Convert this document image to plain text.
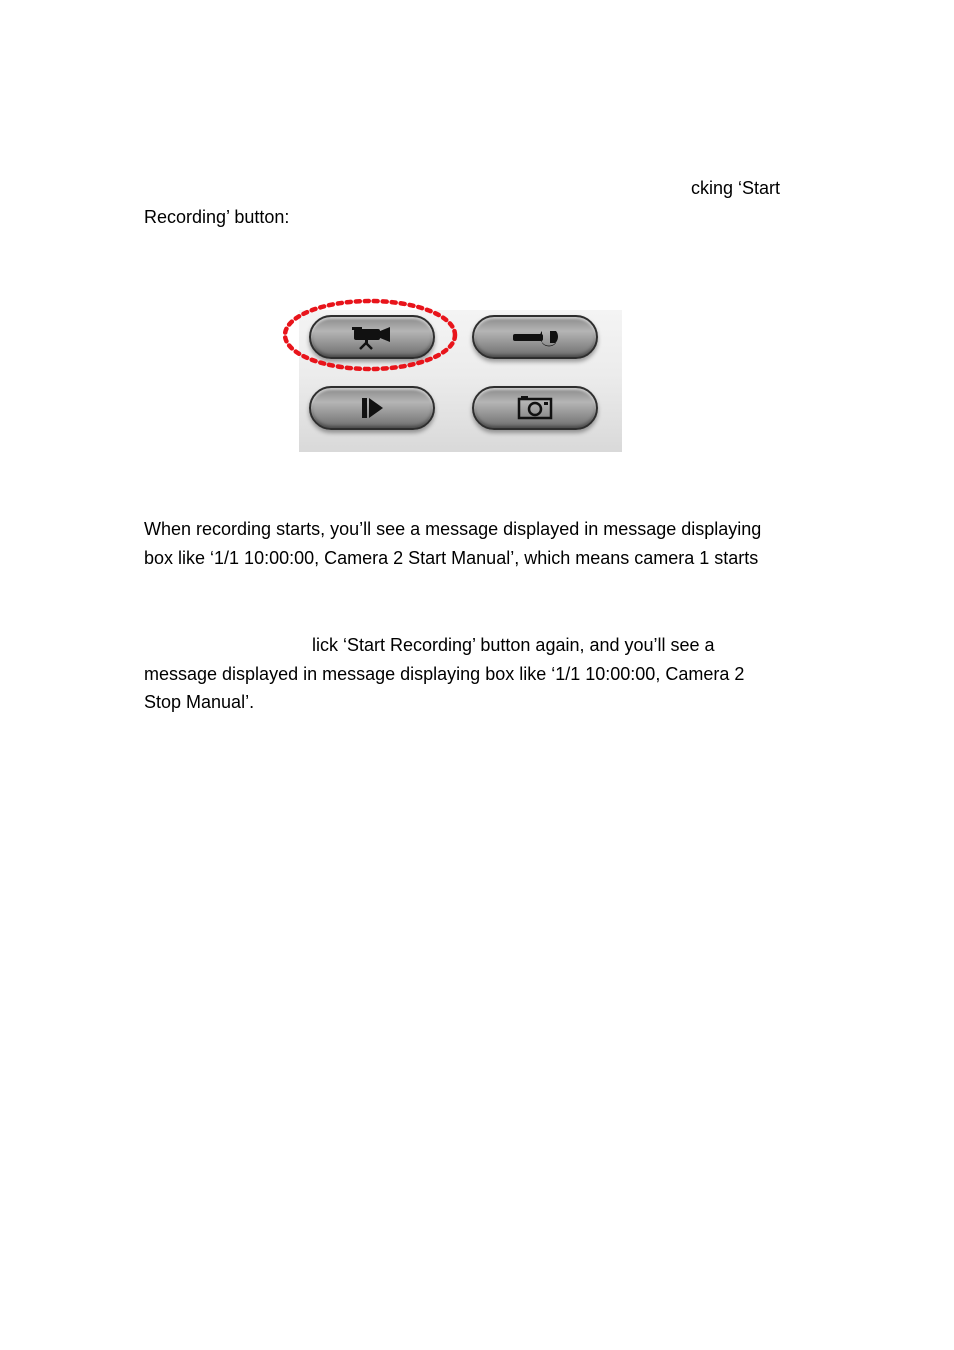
cking ‘Start
Recording’ button:
When recording starts, you’ll see a message displayed in message displaying
box like ‘1/1 10:00:00, Camera 2 Start Manual’, which means camera 1 starts
lick ‘Start Recording’ button again, and you’ll see a
message displayed in message displaying box like ‘1/1 10:00:00, Camera 2
Stop Manual’.
